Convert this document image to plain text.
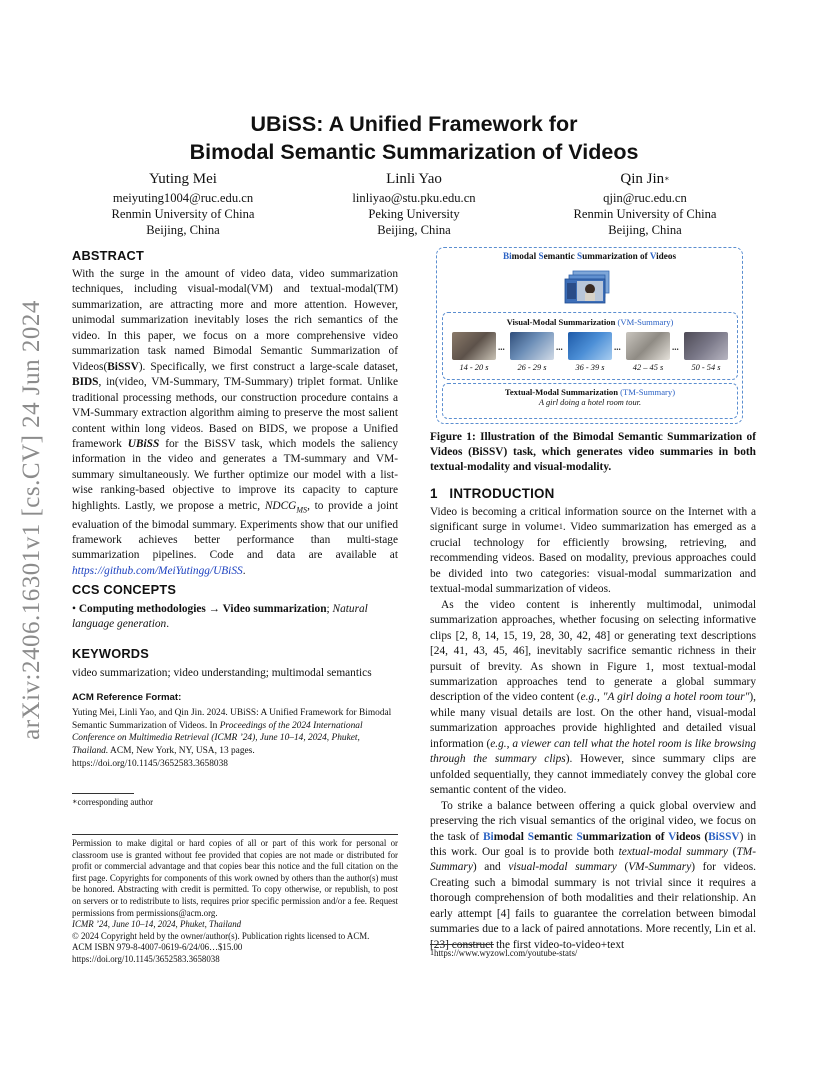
arXiv:2406.16301v1 [cs.CV] 24 Jun 2024
UBiSS: A Unified Framework for
Bimodal Semantic Summarization of Videos
Yuting Mei
meiyuting1004@ruc.edu.cn
Renmin University of China
Beijing, China
Linli Yao
linliyao@stu.pku.edu.cn
Peking University
Beijing, China
Qin Jin∗
qjin@ruc.edu.cn
Renmin University of China
Beijing, China
ABSTRACT

With the surge in the amount of video data, video summarization techniques, including visual-modal(VM) and textual-modal(TM) summarization, are attracting more and more attention. However, unimodal summarization inevitably loses the rich semantics of the video. In this paper, we focus on a more comprehensive video summarization task named Bimodal Semantic Summarization of Videos(BiSSV). Specifically, we first construct a large-scale dataset, BIDS, in(video, VM-Summary, TM-Summary) triplet format. Unlike traditional processing methods, our construction procedure contains a VM-Summary extraction algorithm aiming to preserve the most salient content within long videos. Based on BIDS, we propose a Unified framework UBiSS for the BiSSV task, which models the saliency information in the video and generates a TM-summary and VM-summary simultaneously. We further optimize our model with a list-wise ranking-based objective to improve its capacity to capture highlights. Lastly, we propose a metric, $NDCG_{MS}$, to provide a joint evaluation of the bimodal summary. Experiments show that our unified framework achieves better performance than multi-stage summarization pipelines. Code and data are available at https://github.com/MeiYutingg/UBiSS.

CCS CONCEPTS
• Computing methodologies → Video summarization; Natural language generation.
KEYWORDS
video summarization; video understanding; multimodal semantics
ACM Reference Format:
Yuting Mei, Linli Yao, and Qin Jin. 2024. UBiSS: A Unified Framework for Bimodal Semantic Summarization of Videos. In Proceedings of the 2024 International Conference on Multimedia Retrieval (ICMR ’24), June 10–14, 2024, Phuket, Thailand. ACM, New York, NY, USA, 13 pages. https://doi.org/10.1145/3652583.3658038
∗corresponding author
Permission to make digital or hard copies of all or part of this work for personal or classroom use is granted without fee provided that copies are not made or distributed for profit or commercial advantage and that copies bear this notice and the full citation on the first page. Copyrights for components of this work owned by others than the author(s) must be honored. Abstracting with credit is permitted. To copy otherwise, or republish, to post on servers or to redistribute to lists, requires prior specific permission and/or a fee. Request permissions from permissions@acm.org.
ICMR ’24, June 10–14, 2024, Phuket, Thailand
© 2024 Copyright held by the owner/author(s). Publication rights licensed to ACM.
ACM ISBN 979-8-4007-0619-6/24/06…$15.00
https://doi.org/10.1145/3652583.3658038
Bimodal Semantic Summarization of Videos
Visual-Modal Summarization (VM-Summary)
...	...	...	...
14 - 20 s	26 - 29 s	36 - 39 s	42 – 45 s	50 - 54 s
Textual-Modal Summarization (TM-Summary)
A girl doing a hotel room tour.
Figure 1: Illustration of the Bimodal Semantic Summarization of Videos (BiSSV) task, which generates video summaries in both textual-modality and visual-modality.
1 INTRODUCTION

Video is becoming a critical information source on the Internet with a significant surge in volume$^1$. Video summarization has emerged as a crucial technology for efficiently browsing, retrieving, and recommending videos. Based on modality, previous approaches could be divided into two categories: visual-modal summarization and textual-modal summarization of videos.

As the video content is inherently multimodal, unimodal summarization approaches, whether focusing on selecting informative clips [2, 8, 14, 15, 19, 28, 30, 42, 48] or generating text descriptions [24, 41, 43, 45, 46], inevitably sacrifice semantic richness in their pursuit of brevity. As shown in Figure 1, most textual-modal summarization approaches tend to generate a global summary description of the video content (e.g., "A girl doing a hotel room tour"), while many visual details are lost. On the other hand, visual-modal summarization approaches provide highlighted and detailed visual information (e.g., a viewer can tell what the hotel room is like browsing through the summary clips). However, since summary clips are unfolded sequentially, they cannot immediately convey the global core semantic content of the video.

To strike a balance between offering a quick global overview and preserving the rich visual semantics of the original video, we focus on the task of Bimodal Semantic Summarization of Videos (BiSSV) in this work. Our goal is to provide both textual-modal summary (TM-Summary) and visual-modal summary (VM-Summary) for videos. Creating such a bimodal summary is not trivial since it requires a thorough comprehension of both modalities and their relationship. An early attempt [4] fails to guarantee the correlation between bimodal summaries due to a lack of paired annotations. More recently, Lin et al. [23] construct the first video-to-video+text

1https://www.wyzowl.com/youtube-stats/
